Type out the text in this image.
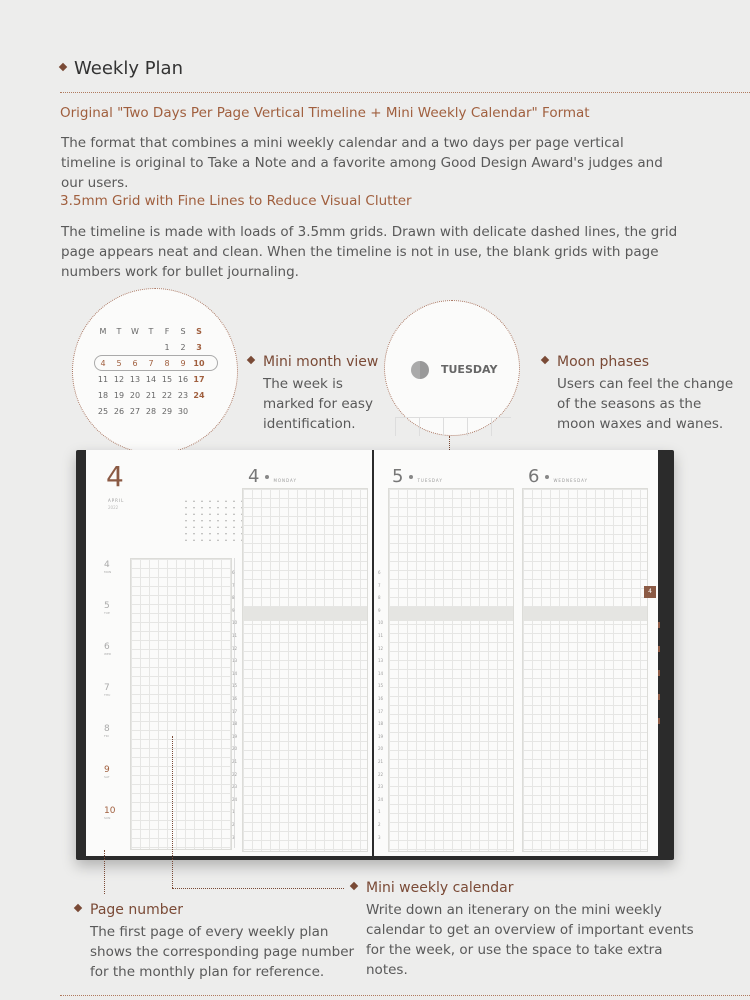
Weekly Plan
Original "Two Days Per Page Vertical Timeline + Mini Weekly Calendar" Format
The format that combines a mini weekly calendar and a two days per page vertical timeline is original to Take a Note and a favorite among Good Design Award's judges and our users.
3.5mm Grid with Fine Lines to Reduce Visual Clutter
The timeline is made with loads of 3.5mm grids. Drawn with delicate dashed lines, the grid page appears neat and clean. When the timeline is not in use, the blank grids with page numbers work for bullet journaling.
M	T	W	T	F	S	S
				1	2	3
4	5	6	7	8	9	10
11	12	13	14	15	16	17
18	19	20	21	22	23	24
25	26	27	28	29	30	
Mini month view
The week is marked for easy identification.
TUESDAY	Moon phases
Users can feel the change of the seasons as the moon waxes and wanes.
4
APRIL
2022
4
MON
5
TUE
6
WED
7
THU
8
FRI
9
SAT
10
SUN
4	MONDAY
6
7
8
9
10
11
12
13
14
15
16
17
18
19
20
21
22
23
24
1
2
3
5	TUESDAY
6
7
8
9
10
11
12
13
14
15
16
17
18
19
20
21
22
23
24
1
2
3
6	WEDNESDAY
4
Page number
The first page of every weekly plan shows the corresponding page number for the monthly plan for reference.
Mini weekly calendar
Write down an itenerary on the mini weekly calendar to get an overview of important events for the week, or use the space to take extra notes.
